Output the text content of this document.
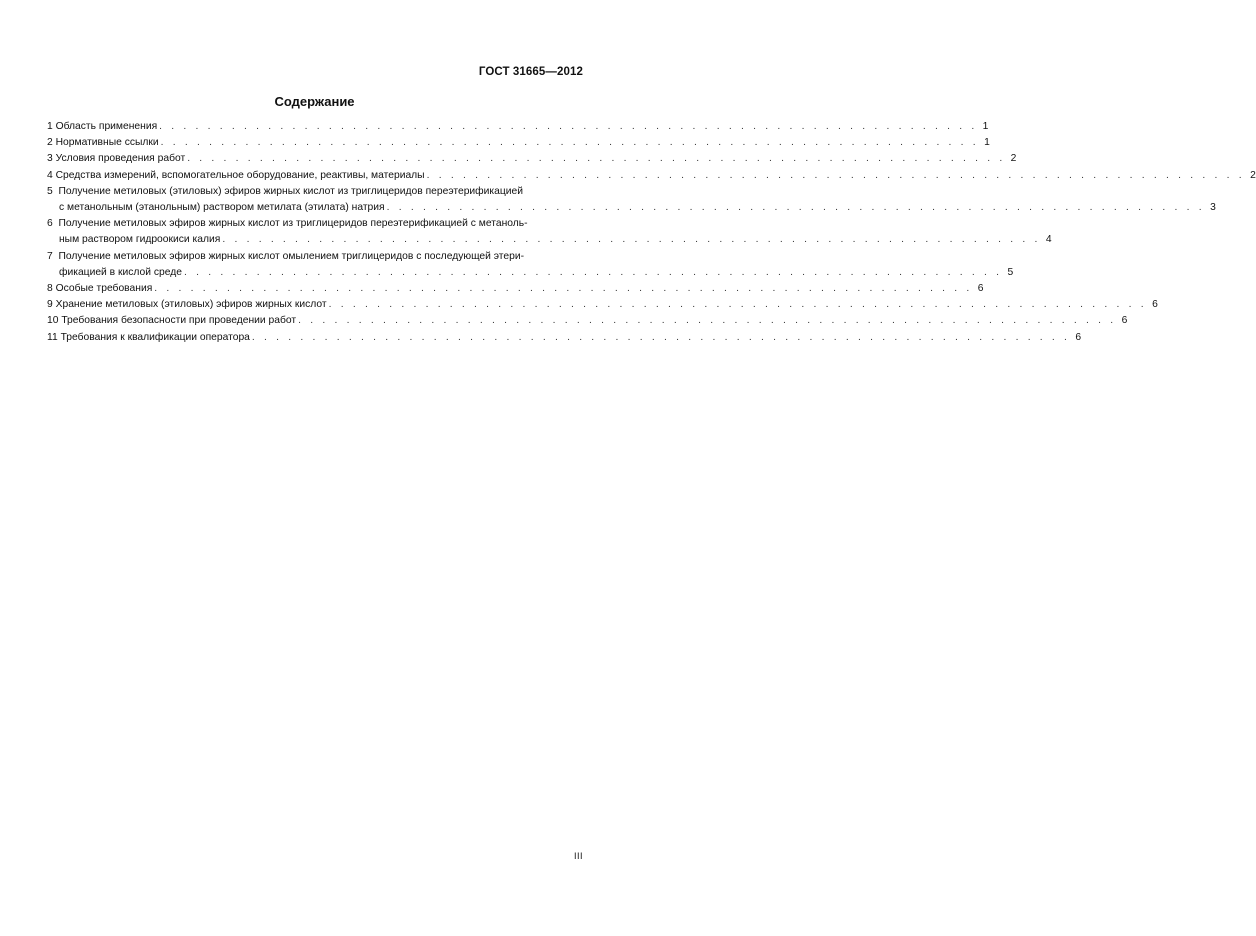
ГОСТ 31665—2012
Содержание
1
Область применения . . . . . . . . . . . . . . . . . . . . . . . . . . . . . . . . . . . . . . . . . . . . . . . . . . . . . . . . . . . . . . . . . . . . 1
2
Нормативные ссылки . . . . . . . . . . . . . . . . . . . . . . . . . . . . . . . . . . . . . . . . . . . . . . . . . . . . . . . . . . . . . . . . . . . . 1
3
Условия проведения работ . . . . . . . . . . . . . . . . . . . . . . . . . . . . . . . . . . . . . . . . . . . . . . . . . . . . . . . . . . . . . . . . . . . . 2
4
Средства измерений, вспомогательное оборудование, реактивы, материалы . . . . . . . . . . . . . . . . . . . . . . . . . . . . . . . . . . . . . . . . . . . . . . . . . . . . . . . . . . . . . . . . . . . . 2
5 Получение метиловых (этиловых) эфиров жирных кислот из триглицеридов переэтерификацией
с метанольным (этанольным) раствором метилата (этилата) натрия . . . . . . . . . . . . . . . . . . . . . . . . . . . . . . . . . . . . . . . . . . . . . . . . . . . . . . . . . . . . . . . . . . . . 3
6 Получение метиловых эфиров жирных кислот из триглицеридов переэтерификацией с метаноль-
ным раствором гидроокиси калия . . . . . . . . . . . . . . . . . . . . . . . . . . . . . . . . . . . . . . . . . . . . . . . . . . . . . . . . . . . . . . . . . . . . 4
7 Получение метиловых эфиров жирных кислот омылением триглицеридов с последующей этери-
фикацией в кислой среде . . . . . . . . . . . . . . . . . . . . . . . . . . . . . . . . . . . . . . . . . . . . . . . . . . . . . . . . . . . . . . . . . . . . 5
8
Особые требования . . . . . . . . . . . . . . . . . . . . . . . . . . . . . . . . . . . . . . . . . . . . . . . . . . . . . . . . . . . . . . . . . . . . 6
9
Хранение метиловых (этиловых) эфиров жирных кислот . . . . . . . . . . . . . . . . . . . . . . . . . . . . . . . . . . . . . . . . . . . . . . . . . . . . . . . . . . . . . . . . . . . . 6
10
Требования безопасности при проведении работ . . . . . . . . . . . . . . . . . . . . . . . . . . . . . . . . . . . . . . . . . . . . . . . . . . . . . . . . . . . . . . . . . . . . 6
11
Требования к квалификации оператора . . . . . . . . . . . . . . . . . . . . . . . . . . . . . . . . . . . . . . . . . . . . . . . . . . . . . . . . . . . . . . . . . . . . 6
III
